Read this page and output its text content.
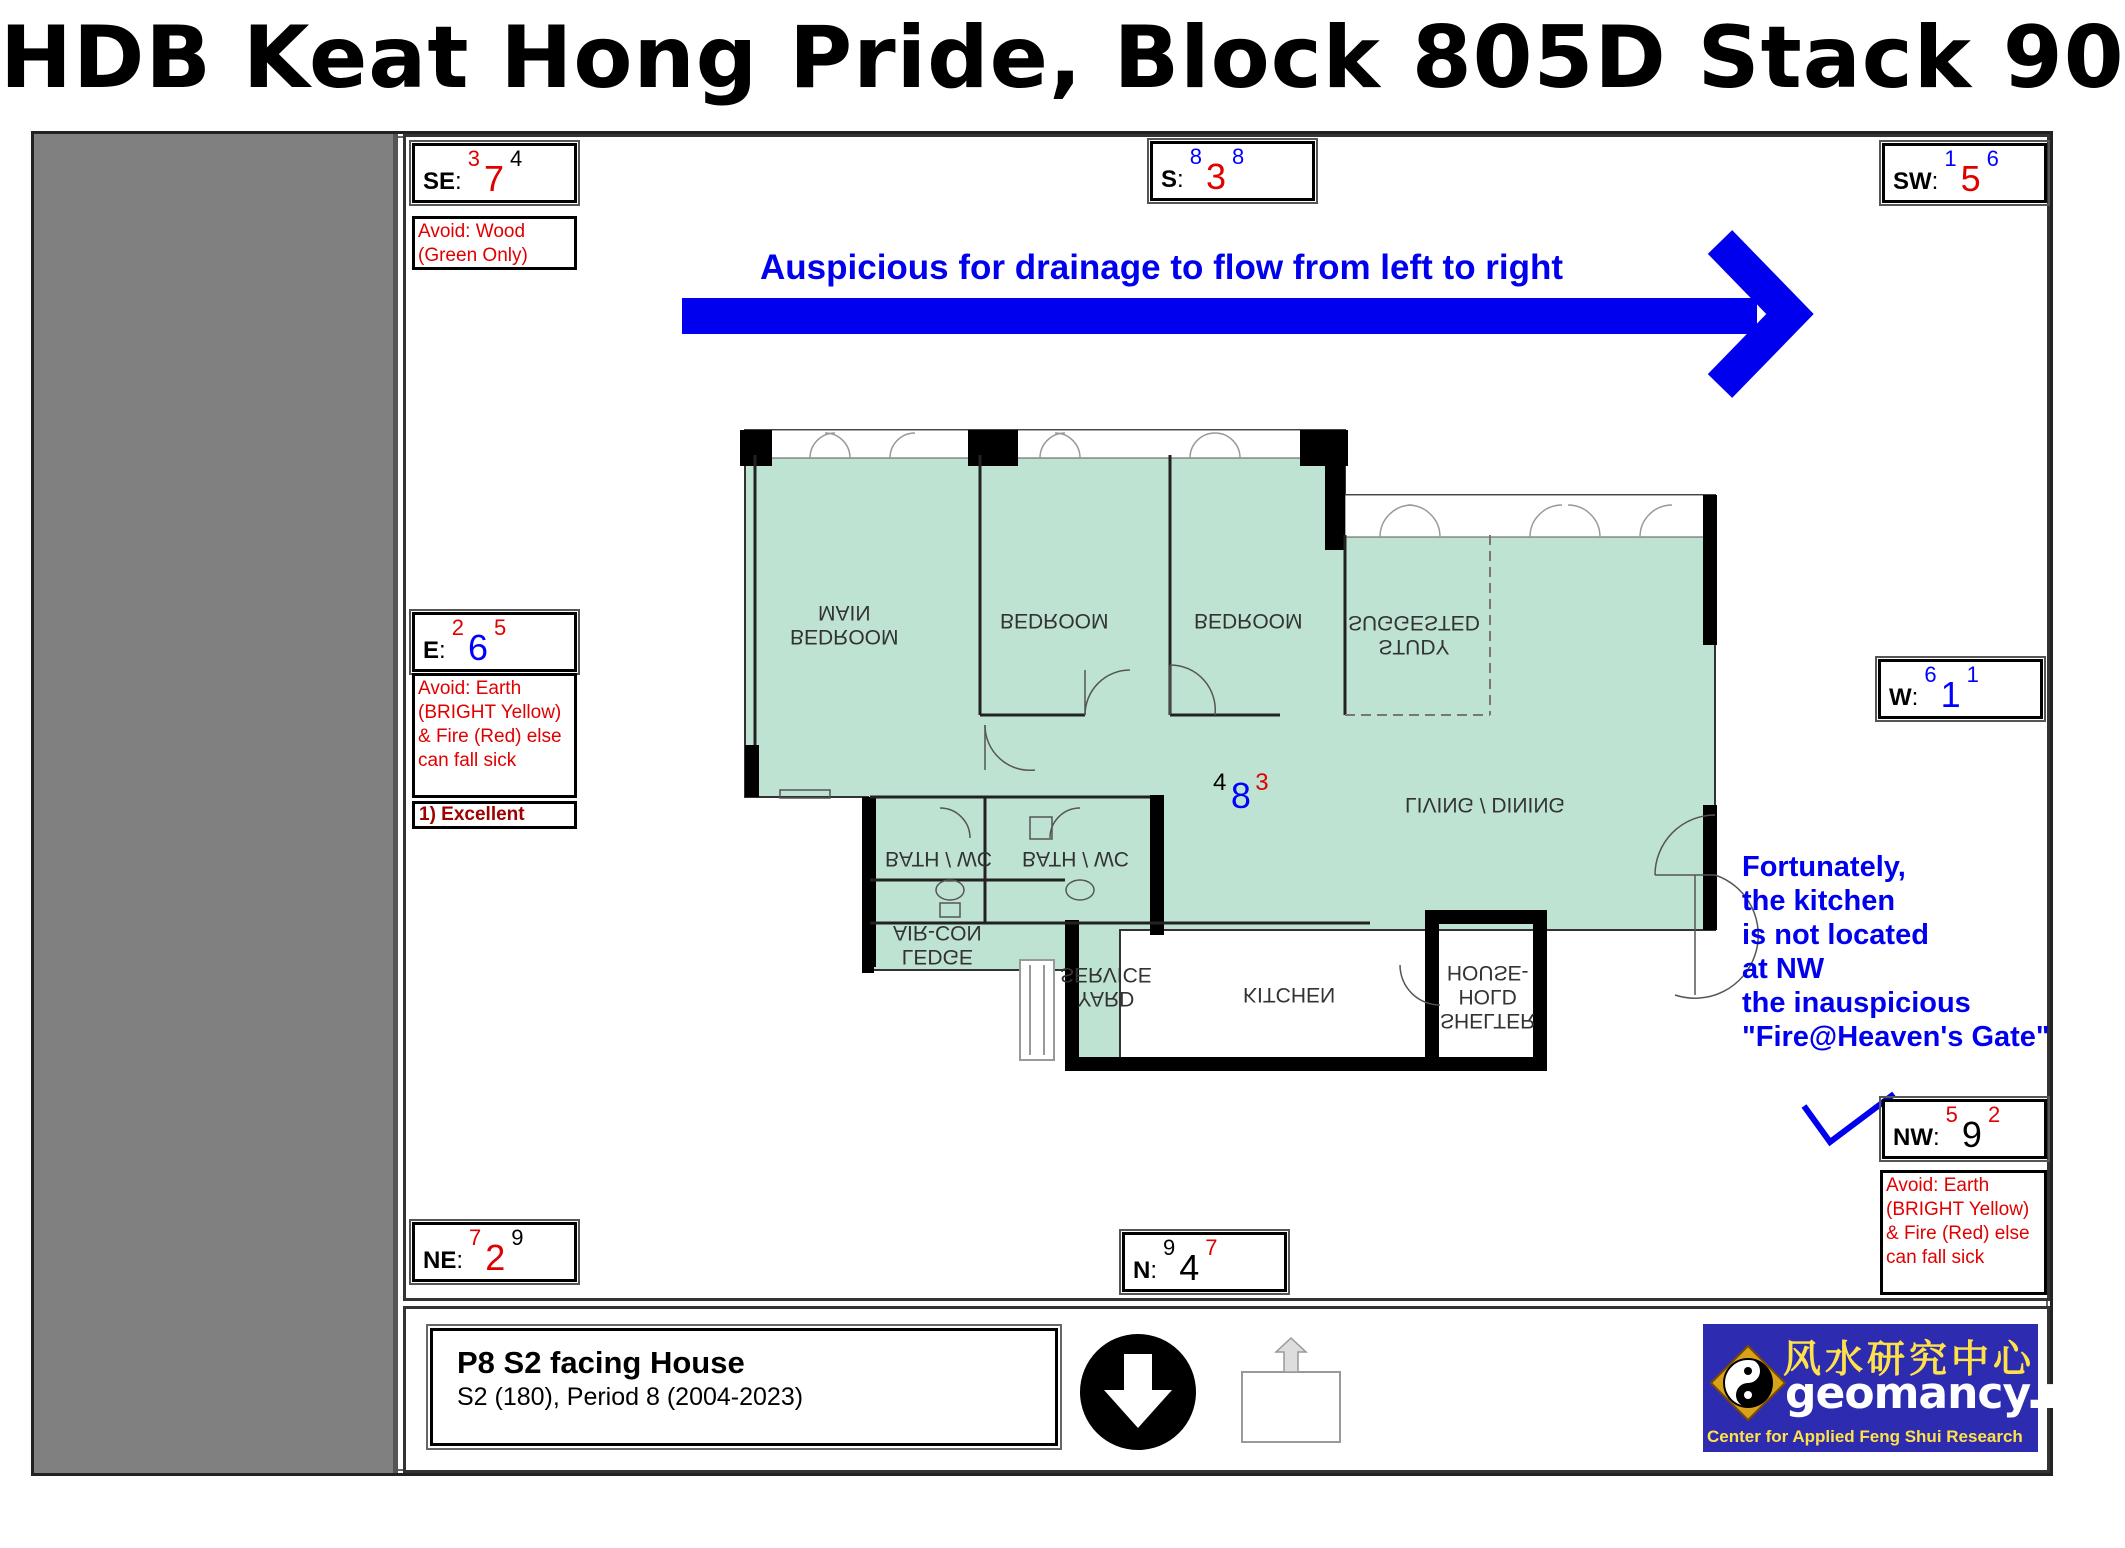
HDB Keat Hong Pride, Block 805D Stack 90
Auspicious for drainage to flow from left to right
BEDROOM
MAIN	BEDROOM	BEDROOM
STUDY
SUGGESTED
LIVING / DINING
BATH / WC BATH / WC
LEDGE
AIR-CON
YARD
SERVICE
KITCHEN
SHELTER
HOLD
HOUSE-
4 8 3
SE:3 7 4
Avoid: Wood (Green Only)
S:8 3 8
SW:1 5 6
E:2 6 5
Avoid: Earth (BRIGHT Yellow) & Fire (Red) else can fall sick
1) Excellent
W:6 1 1
Fortunately,
the kitchen
is not located
at NW
the inauspicious
"Fire@Heaven's Gate"
NW:5 9 2
Avoid: Earth (BRIGHT Yellow) & Fire (Red) else can fall sick
NE:7 2 9
N:9 4 7
P8 S2 facing House
S2 (180), Period 8 (2004-2023)
风水研究中心
geomancy.net
Center for Applied Feng Shui Research
